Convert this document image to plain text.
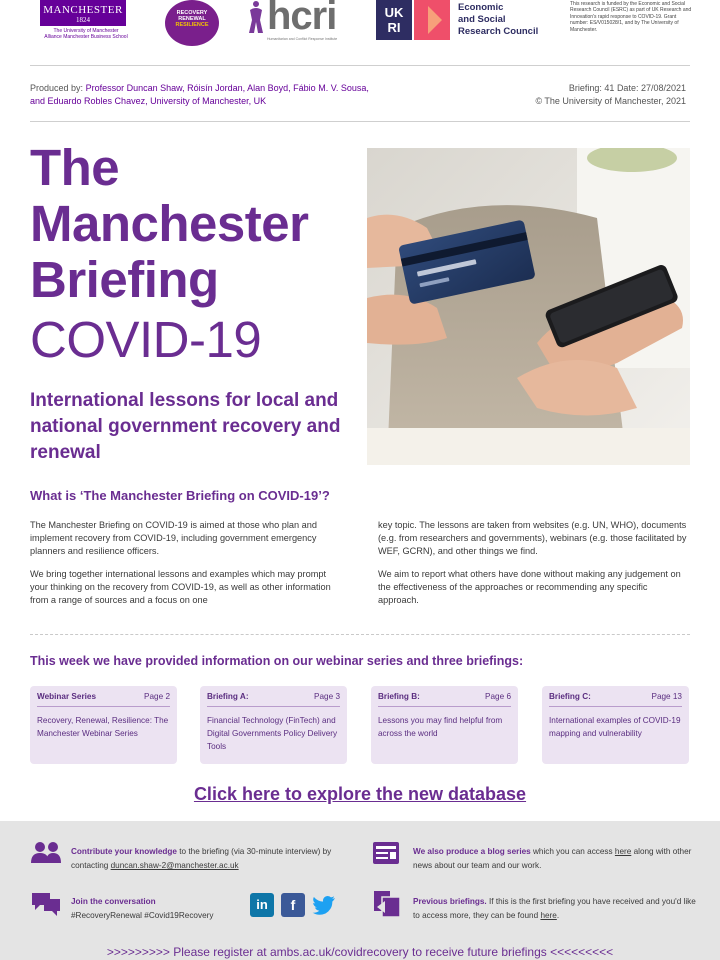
MANCHESTER
1824
The University of Manchester
Alliance Manchester Business School
RECOVERY
RENEWAL
RESILIENCE hcri
Humanitarian and Conflict Response Institute
UK
RI
Economic
and Social
Research Council
This research is funded by the Economic and Social Research Council (ESRC) as part of UK Research and Innovation's rapid response to COVID-19. Grant number: ES/V015028/1, and by The University of Manchester.
Produced by: Professor Duncan Shaw, Róisín Jordan, Alan Boyd, Fábio M. V. Sousa,
and Eduardo Robles Chavez, University of Manchester, UK
Briefing: 41 Date: 27/08/2021
© The University of Manchester, 2021
The
Manchester
Briefing
COVID-19
International lessons for local and national government recovery and renewal
What is ‘The Manchester Briefing on COVID-19’?

The Manchester Briefing on COVID-19 is aimed at those who plan and implement recovery from COVID-19, including government emergency planners and resilience officers.

We bring together international lessons and examples which may prompt your thinking on the recovery from COVID-19, as well as other information from a range of sources and a focus on one

key topic. The lessons are taken from websites (e.g. UN, WHO), documents (e.g. from researchers and governments), webinars (e.g. those facilitated by WEF, GCRN), and other things we find.

We aim to report what others have done without making any judgement on the effectiveness of the approaches or recommending any specific approach.

This week we have provided information on our webinar series and three briefings:
Webinar Series	Page 2
Recovery, Renewal, Resilience: The Manchester Webinar Series
Briefing A:	Page 3
Financial Technology (FinTech) and Digital Governments Policy Delivery Tools
Briefing B:	Page 6
Lessons you may find helpful from across the world
Briefing C:	Page 13
International examples of COVID-19 mapping and vulnerability
Click here to explore the new database
Contribute your knowledge to the briefing (via 30-minute interview) by contacting duncan.shaw-2@manchester.ac.uk
We also produce a blog series which you can access here along with other news about our team and our work.
Join the conversation
#RecoveryRenewal #Covid19Recovery
in	f	Previous briefings. If this is the first briefing you have received and you'd like to access more, they can be found here.
>>>>>>>>> Please register at ambs.ac.uk/covidrecovery to receive future briefings <<<<<<<<<
